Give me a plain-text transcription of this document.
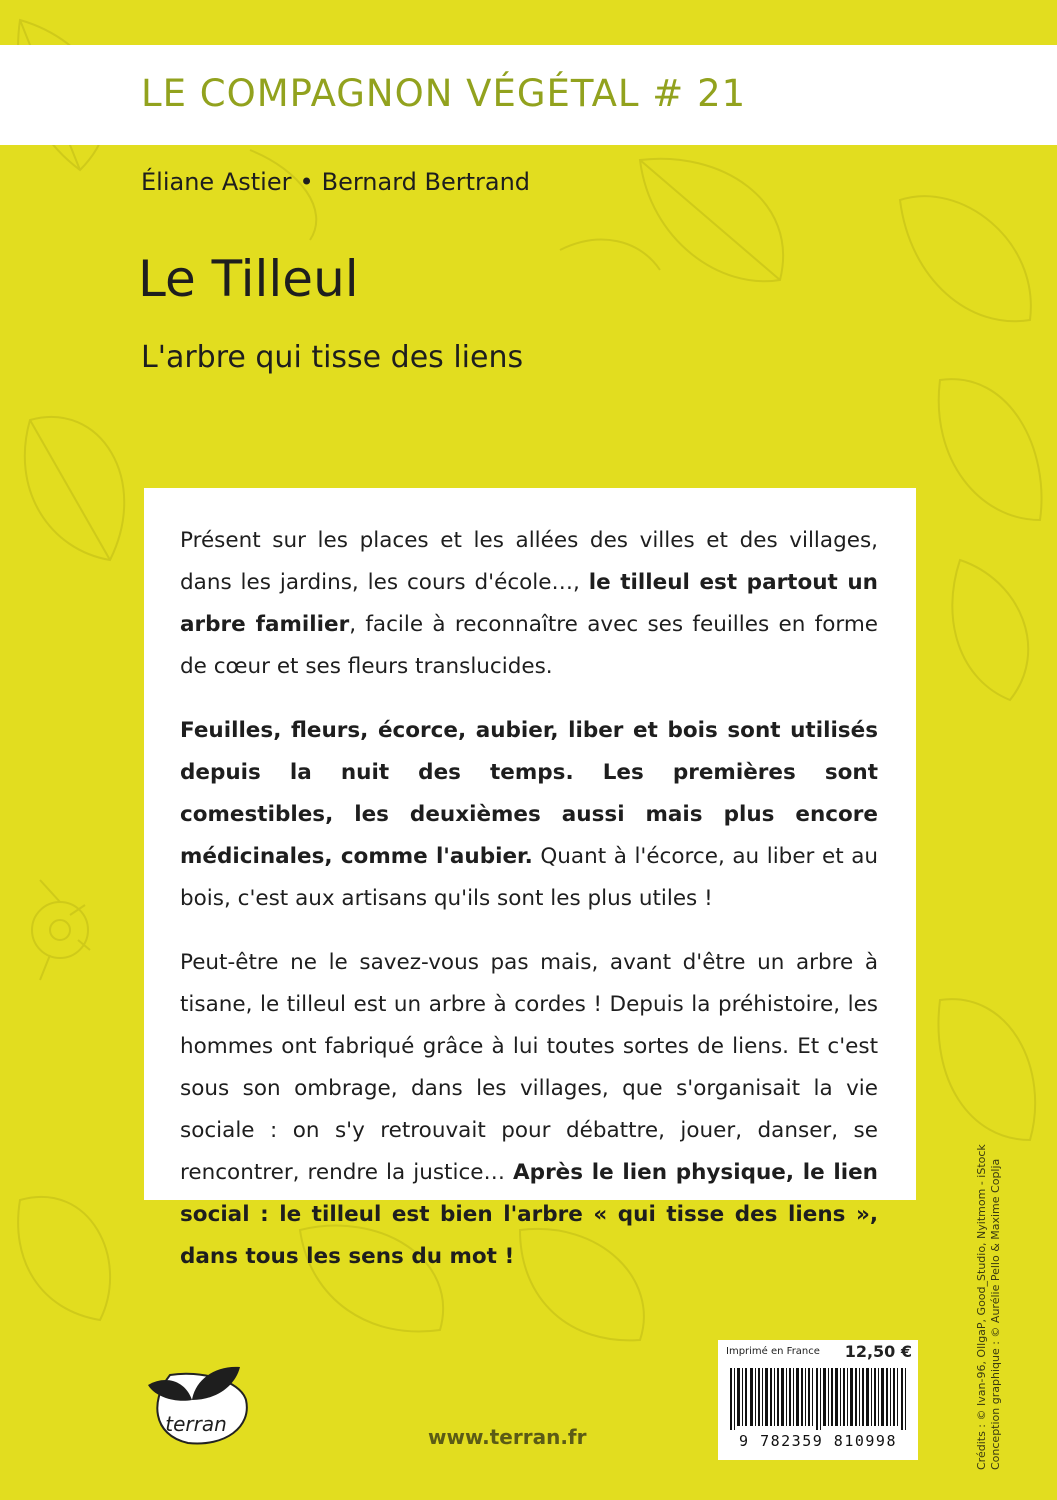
LE COMPAGNON VÉGÉTAL # 21
Éliane Astier • Bernard Bertrand
Le Tilleul
L'arbre qui tisse des liens

Présent sur les places et les allées des villes et des villages, dans les jardins, les cours d'école…, le tilleul est partout un arbre familier, facile à reconnaître avec ses feuilles en forme de cœur et ses fleurs translucides.

Feuilles, fleurs, écorce, aubier, liber et bois sont utilisés depuis la nuit des temps. Les premières sont comestibles, les deuxièmes aussi mais plus encore médicinales, comme l'aubier. Quant à l'écorce, au liber et au bois, c'est aux artisans qu'ils sont les plus utiles !

Peut-être ne le savez-vous pas mais, avant d'être un arbre à tisane, le tilleul est un arbre à cordes ! Depuis la préhistoire, les hommes ont fabriqué grâce à lui toutes sortes de liens. Et c'est sous son ombrage, dans les villages, que s'organisait la vie sociale : on s'y retrouvait pour débattre, jouer, danser, se rencontrer, rendre la justice… Après le lien physique, le lien social : le tilleul est bien l'arbre « qui tisse des liens », dans tous les sens du mot !

terran
www.terran.fr
Imprimé en France 12,50 €
9 782359 810998	Crédits : © Ivan-96, OllgaP, Good_Studio, Nyitmom - iStock Conception graphique : © Aurélie Pello & Maxime Coplja
